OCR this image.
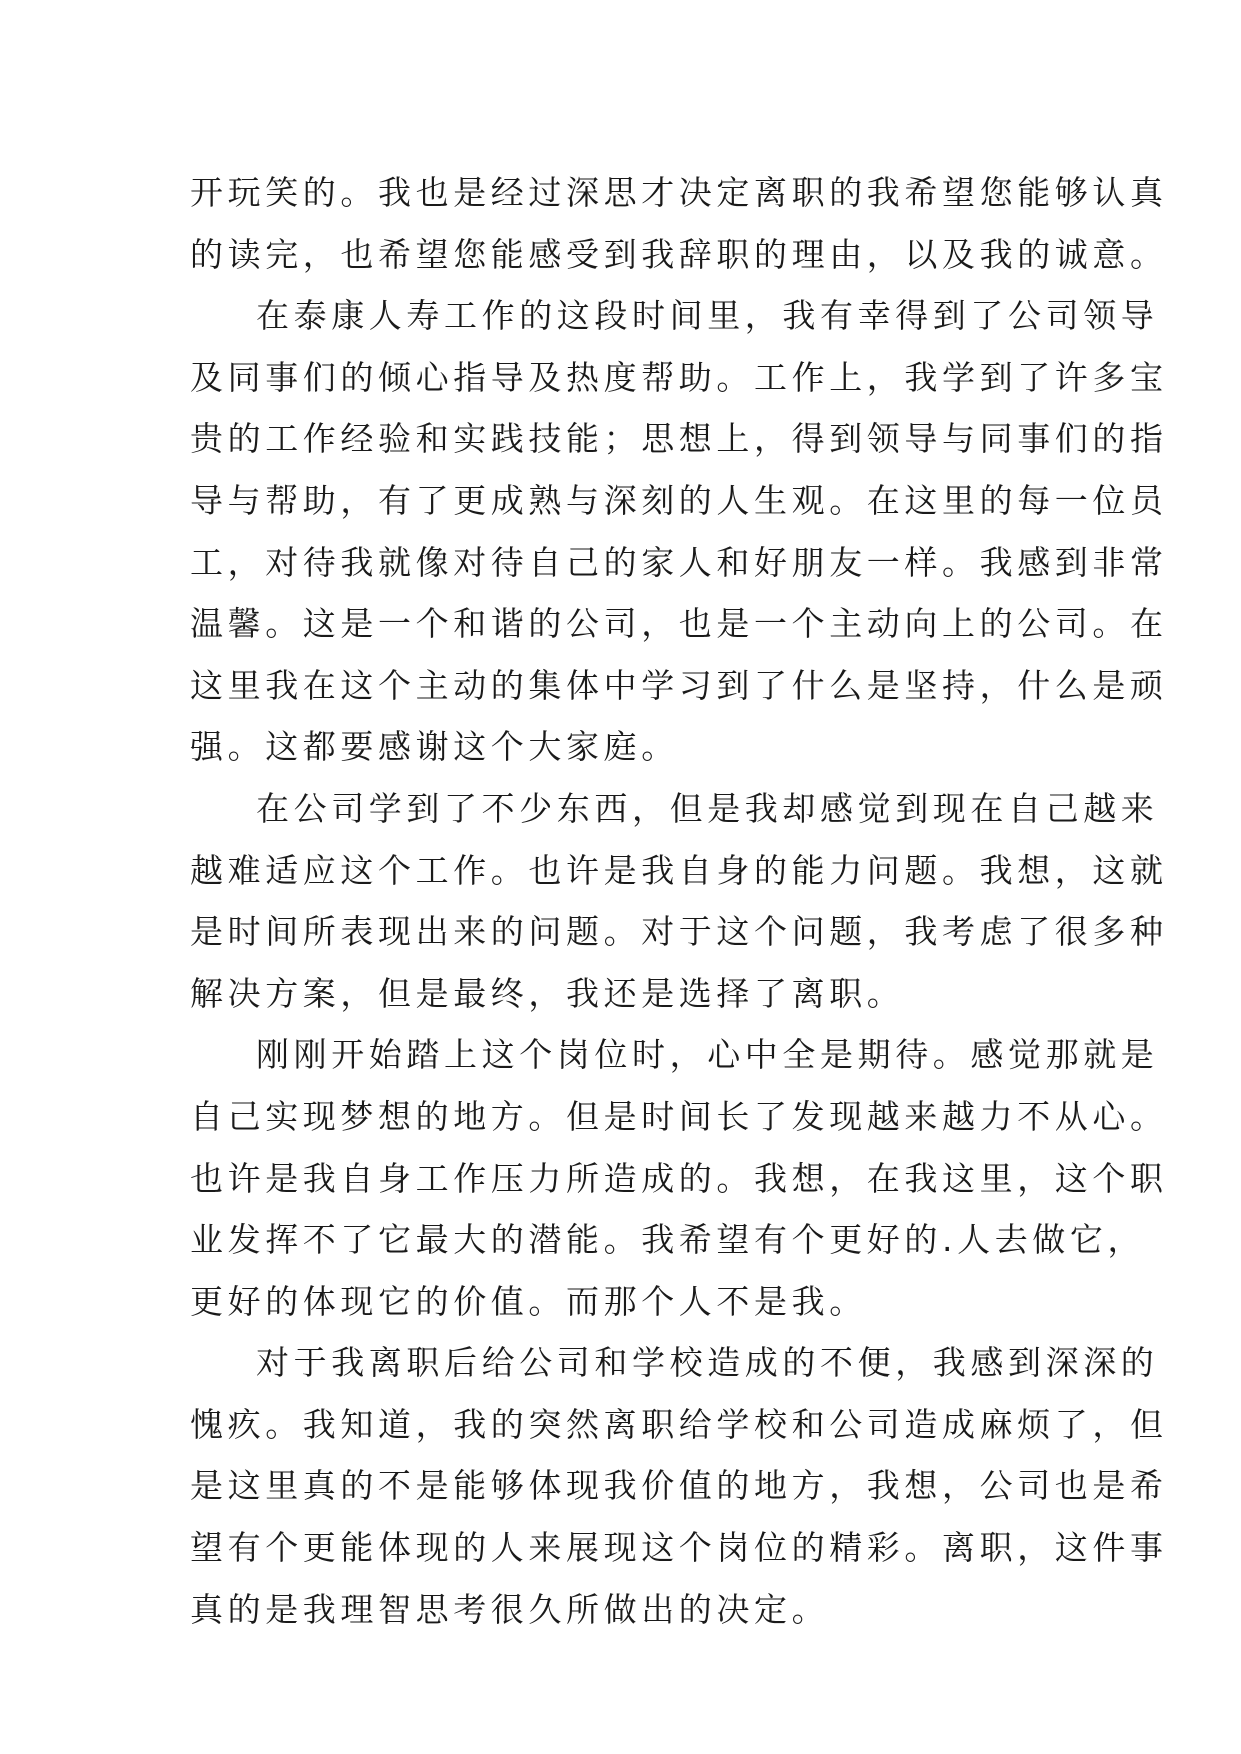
开玩笑的。我也是经过深思才决定离职的我希望您能够认真
的读完，也希望您能感受到我辞职的理由，以及我的诚意。
在泰康人寿工作的这段时间里，我有幸得到了公司领导
及同事们的倾心指导及热度帮助。工作上，我学到了许多宝
贵的工作经验和实践技能；思想上，得到领导与同事们的指
导与帮助，有了更成熟与深刻的人生观。在这里的每一位员
工，对待我就像对待自己的家人和好朋友一样。我感到非常
温馨。这是一个和谐的公司，也是一个主动向上的公司。在
这里我在这个主动的集体中学习到了什么是坚持，什么是顽
强。这都要感谢这个大家庭。
在公司学到了不少东西，但是我却感觉到现在自己越来
越难适应这个工作。也许是我自身的能力问题。我想，这就
是时间所表现出来的问题。对于这个问题，我考虑了很多种
解决方案，但是最终，我还是选择了离职。
刚刚开始踏上这个岗位时，心中全是期待。感觉那就是
自己实现梦想的地方。但是时间长了发现越来越力不从心。
也许是我自身工作压力所造成的。我想，在我这里，这个职
业发挥不了它最大的潜能。我希望有个更好的.人去做它，
更好的体现它的价值。而那个人不是我。
对于我离职后给公司和学校造成的不便，我感到深深的
愧疚。我知道，我的突然离职给学校和公司造成麻烦了，但
是这里真的不是能够体现我价值的地方，我想，公司也是希
望有个更能体现的人来展现这个岗位的精彩。离职，这件事
真的是我理智思考很久所做出的决定。
